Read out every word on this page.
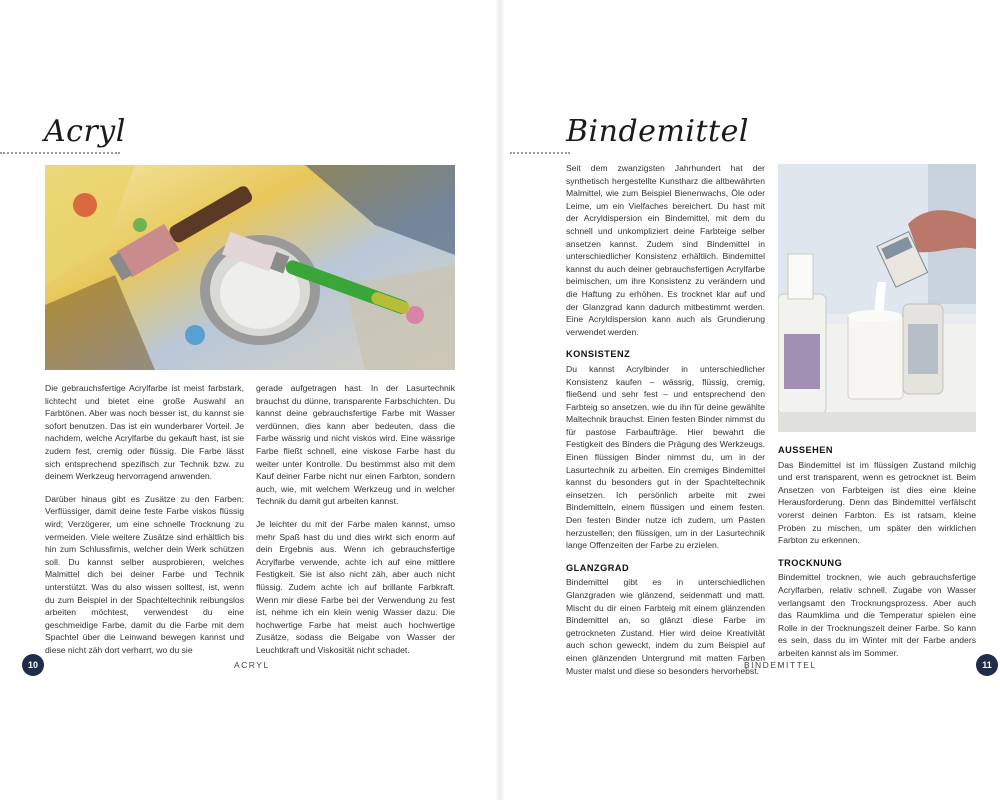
Acryl

Die gebrauchsfertige Acrylfarbe ist meist farbstark, lichtecht und bietet eine große Auswahl an Farbtönen. Aber was noch besser ist, du kannst sie sofort benutzen. Das ist ein wunderbarer Vorteil. Je nachdem, welche Acrylfarbe du gekauft hast, ist sie zudem fest, cremig oder flüssig. Die Farbe lässt sich entsprechend spezifisch zur Technik bzw. zu deinem Werkzeug hervorragend anwenden.

Darüber hinaus gibt es Zusätze zu den Farben: Verflüssiger, damit deine feste Farbe viskos flüssig wird; Verzögerer, um eine schnelle Trocknung zu vermeiden. Viele weitere Zusätze sind erhältlich bis hin zum Schlussfirnis, welcher dein Werk schützen soll. Du kannst selber ausprobieren, welches Malmittel dich bei deiner Farbe und Technik unterstützt. Was du also wissen solltest, ist, wenn du zum Beispiel in der Spachteltechnik reibungslos arbeiten möchtest, verwendest du eine geschmeidige Farbe, damit du die Farbe mit dem Spachtel über die Leinwand bewegen kannst und diese nicht zäh dort verharrt, wo du sie

gerade aufgetragen hast. In der Lasurtechnik brauchst du dünne, transparente Farbschichten. Du kannst deine gebrauchsfertige Farbe mit Wasser verdünnen, dies kann aber bedeuten, dass die Farbe wässrig und nicht viskos wird. Eine wässrige Farbe fließt schnell, eine viskose Farbe hast du weiter unter Kontrolle. Du bestimmst also mit dem Kauf deiner Farbe nicht nur einen Farbton, sondern auch, wie, mit welchem Werkzeug und in welcher Technik du damit gut arbeiten kannst.

Je leichter du mit der Farbe malen kannst, umso mehr Spaß hast du und dies wirkt sich enorm auf dein Ergebnis aus. Wenn ich gebrauchsfertige Acrylfarbe verwende, achte ich auf eine mittlere Festigkeit. Sie ist also nicht zäh, aber auch nicht flüssig. Zudem achte ich auf brillante Farbkraft. Wenn mir diese Farbe bei der Verwendung zu fest ist, nehme ich ein klein wenig Wasser dazu. Die hochwertige Farbe hat meist auch hochwertige Zusätze, sodass die Beigabe von Wasser der Leuchtkraft und Viskosität nicht schadet.

10	ACRYL
Bindemittel

Seit dem zwanzigsten Jahrhundert hat der synthetisch hergestellte Kunstharz die altbewährten Malmittel, wie zum Beispiel Bienenwachs, Öle oder Leime, um ein Vielfaches bereichert. Du hast mit der Acryldispersion ein Bindemittel, mit dem du schnell und unkompliziert deine Farbteige selber ansetzen kannst. Zudem sind Bindemittel in unterschiedlicher Konsistenz erhältlich. Bindemittel kannst du auch deiner gebrauchsfertigen Acrylfarbe beimischen, um ihre Konsistenz zu verändern und die Haftung zu erhöhen. Es trocknet klar auf und der Glanzgrad kann dadurch mitbestimmt werden. Eine Acryldispersion kann auch als Grundierung verwendet werden.

KONSISTENZ
Du kannst Acrylbinder in unterschiedlicher Konsistenz kaufen – wässrig, flüssig, cremig, fließend und sehr fest – und entsprechend den Farbteig so ansetzen, wie du ihn für deine gewählte Maltechnik brauchst. Einen festen Binder nimmst du für pastose Farbaufträge. Hier bewahrt die Festigkeit des Binders die Prägung des Werkzeugs. Einen flüssigen Binder nimmst du, um in der Lasurtechnik zu arbeiten. Ein cremiges Bindemittel kannst du besonders gut in der Spachteltechnik einsetzen. Ich persönlich arbeite mit zwei Bindemitteln, einem flüssigen und einem festen. Den festen Binder nutze ich zudem, um Pasten herzustellen; den flüssigen, um in der Lasurtechnik lange Offenzeiten der Farbe zu erzielen.
GLANZGRAD
Bindemittel gibt es in unterschiedlichen Glanzgraden wie glänzend, seidenmatt und matt. Mischt du dir einen Farbteig mit einem glänzenden Bindemittel an, so glänzt diese Farbe im getrockneten Zustand. Hier wird deine Kreativität auch schon geweckt, indem du zum Beispiel auf einen glänzenden Untergrund mit matten Farben Muster malst und diese so besonders hervorhebst.
AUSSEHEN
Das Bindemittel ist im flüssigen Zustand milchig und erst transparent, wenn es getrocknet ist. Beim Ansetzen von Farbteigen ist dies eine kleine Herausforderung. Denn das Bindemittel verfälscht vorerst deinen Farbton. Es ist ratsam, kleine Proben zu mischen, um später den wirklichen Farbton zu erkennen.
TROCKNUNG
Bindemittel trocknen, wie auch gebrauchsfertige Acrylfarben, relativ schnell. Zugabe von Wasser verlangsamt den Trocknungsprozess. Aber auch das Raumklima und die Temperatur spielen eine Rolle in der Trocknungszeit deiner Farbe. So kann es sein, dass du im Winter mit der Farbe anders arbeiten kannst als im Sommer.
BINDEMITTEL	11
